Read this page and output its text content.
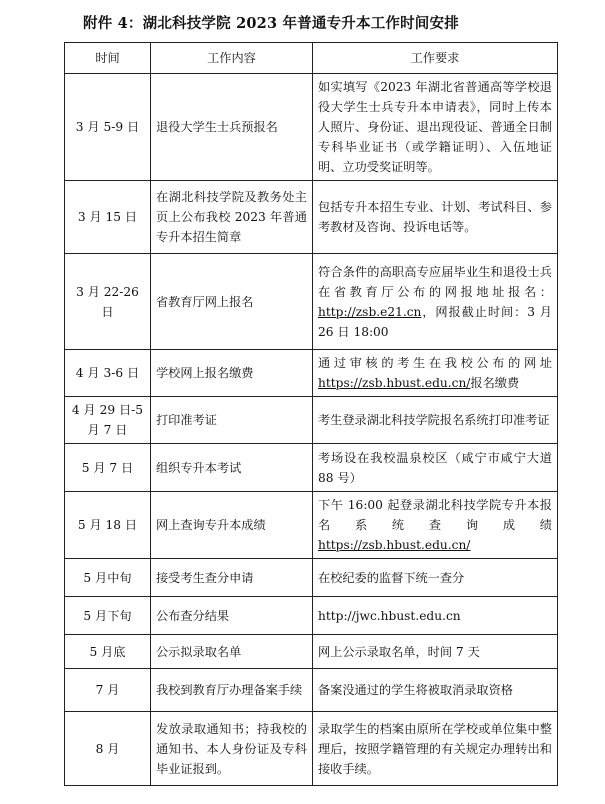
附件 4：湖北科技学院 2023 年普通专升本工作时间安排
时间	工作内容	工作要求
3 月 5-9 日	退役大学生士兵预报名	如实填写《2023 年湖北省普通高等学校退役大学生士兵专升本申请表》，同时上传本人照片、身份证、退出现役证、普通全日制专科毕业证书（或学籍证明）、入伍地证明、立功受奖证明等。
3 月 15 日	在湖北科技学院及教务处主页上公布我校 2023 年普通专升本招生简章	包括专升本招生专业、计划、考试科目、参考教材及咨询、投诉电话等。
3 月 22-26 日	省教育厅网上报名	符合条件的高职高专应届毕业生和退役士兵在省教育厅公布的网报地址报名：http://zsb.e21.cn，网报截止时间：3 月 26 日 18:00
4 月 3-6 日	学校网上报名缴费	通过审核的考生在我校公布的网址https://zsb.hbust.edu.cn/报名缴费
4 月 29 日-5 月 7 日	打印准考证	考生登录湖北科技学院报名系统打印准考证
5 月 7 日	组织专升本考试	考场设在我校温泉校区（咸宁市咸宁大道 88 号）
5 月 18 日	网上查询专升本成绩	下午 16:00 起登录湖北科技学院专升本报名系统查询成绩 https://zsb.hbust.edu.cn/
5 月中旬	接受考生查分申请	在校纪委的监督下统一查分
5 月下旬	公布查分结果	http://jwc.hbust.edu.cn
5 月底	公示拟录取名单	网上公示录取名单，时间 7 天
7 月	我校到教育厅办理备案手续	备案没通过的学生将被取消录取资格
8 月	发放录取通知书；持我校的通知书、本人身份证及专科毕业证报到。	录取学生的档案由原所在学校或单位集中整理后，按照学籍管理的有关规定办理转出和接收手续。
